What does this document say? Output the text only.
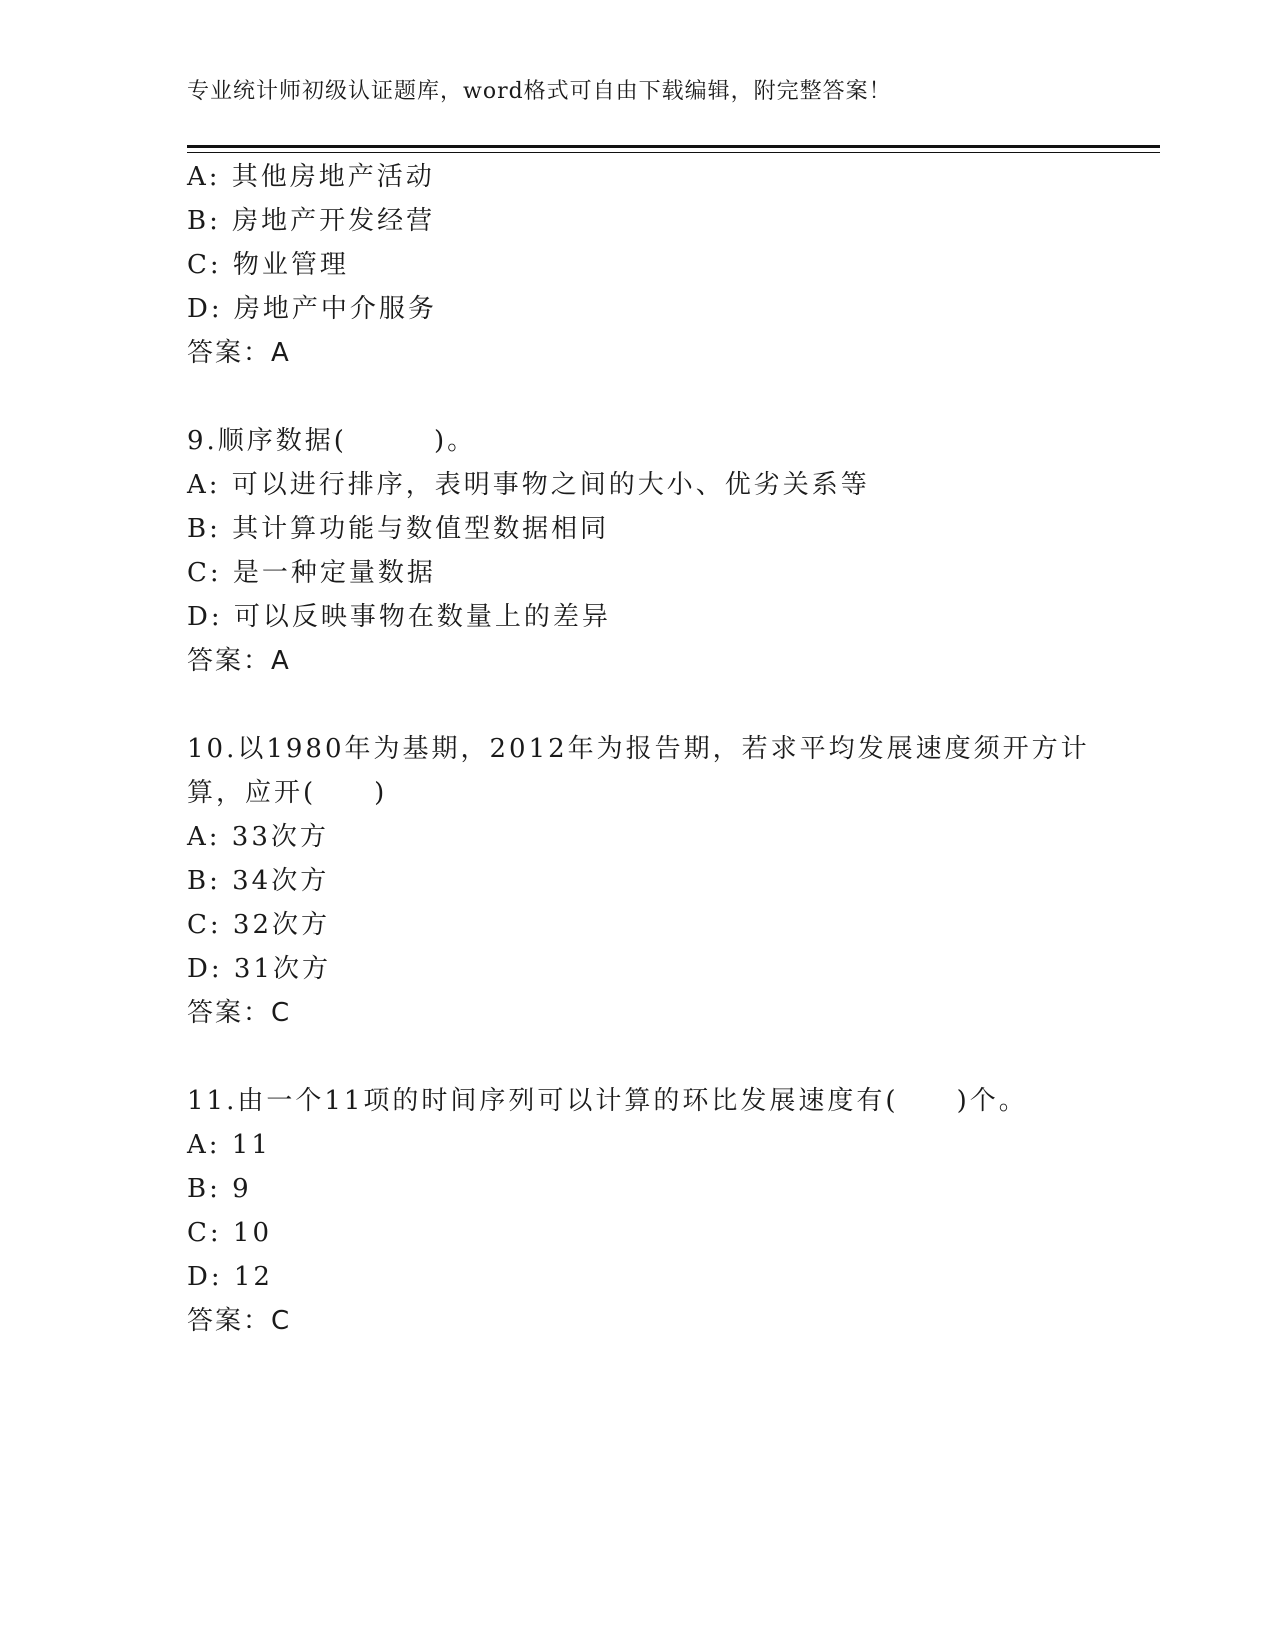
专业统计师初级认证题库，word格式可自由下载编辑，附完整答案！
A: 其他房地产活动
B: 房地产开发经营
C: 物业管理
D: 房地产中介服务
答案：A
9.顺序数据(　　　)。
A: 可以进行排序，表明事物之间的大小、优劣关系等
B: 其计算功能与数值型数据相同
C: 是一种定量数据
D: 可以反映事物在数量上的差异
答案：A
10.以1980年为基期，2012年为报告期，若求平均发展速度须开方计
算，应开(　　)
A: 33次方
B: 34次方
C: 32次方
D: 31次方
答案：C
11.由一个11项的时间序列可以计算的环比发展速度有(　　)个。
A: 11
B: 9
C: 10
D: 12
答案：C
